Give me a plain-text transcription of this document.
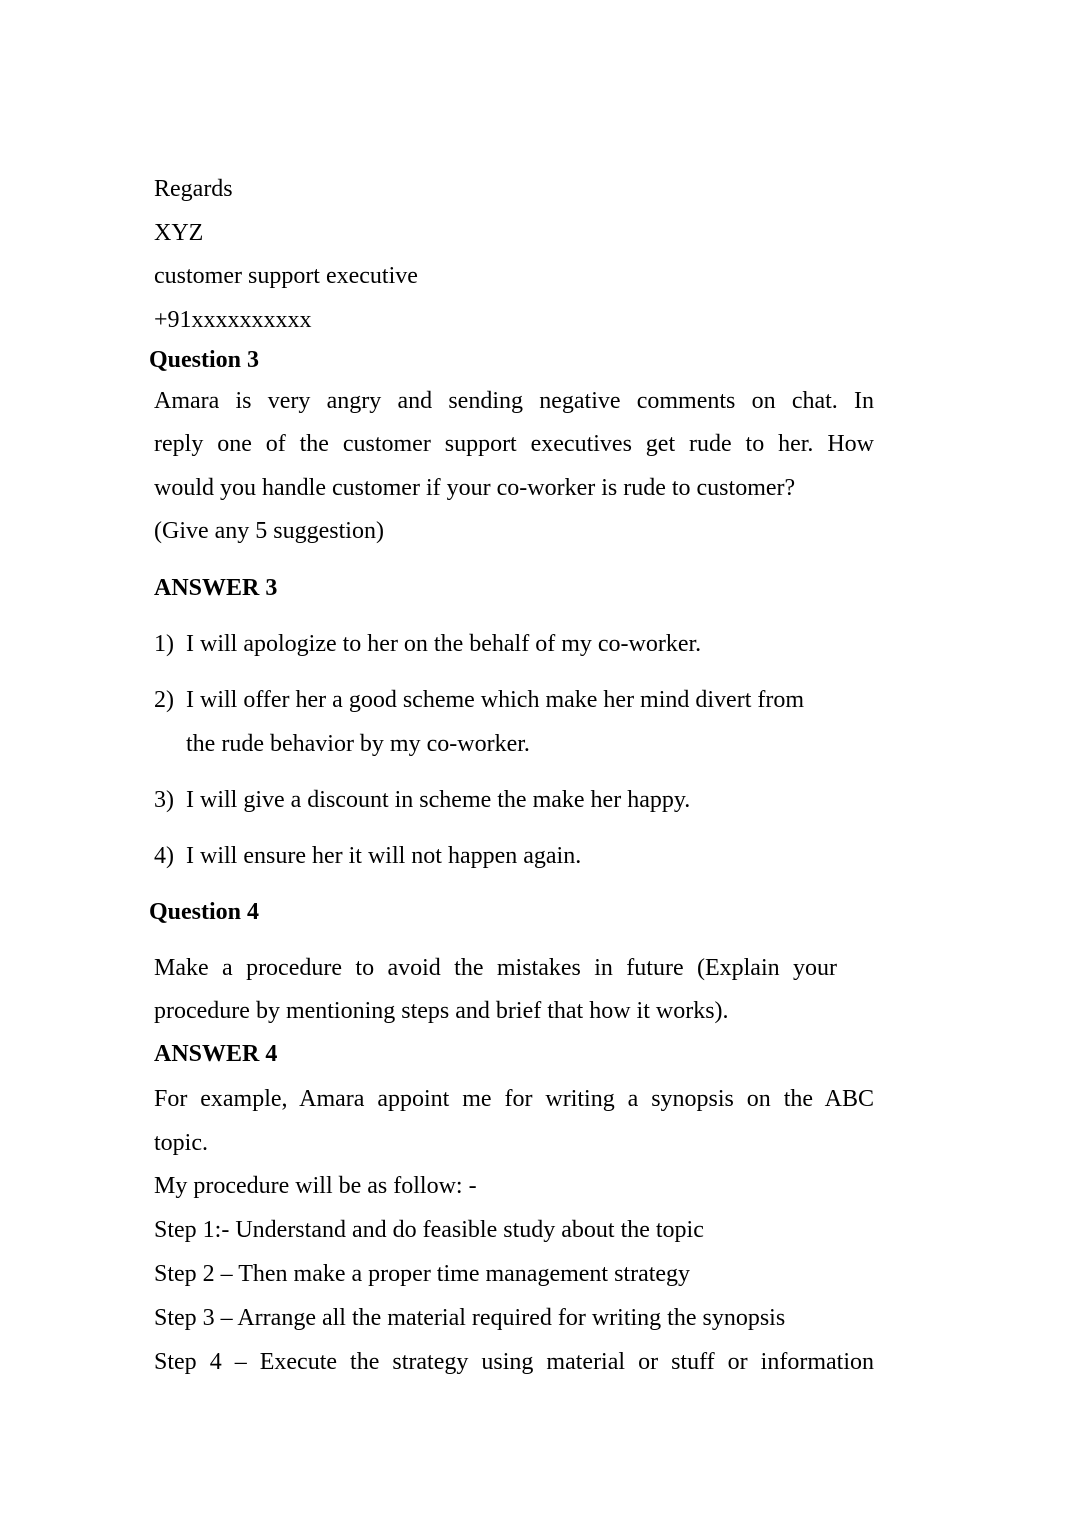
Regards
XYZ
customer support executive
+91xxxxxxxxxx
Question 3
Amara is very angry and sending negative comments on chat. In
reply one of the customer support executives get rude to her. How
would you handle customer if your co-worker is rude to customer?
(Give any 5 suggestion)
ANSWER 3
1) I will apologize to her on the behalf of my co-worker.
2) I will offer her a good scheme which make her mind divert from
the rude behavior by my co-worker.
3) I will give a discount in scheme the make her happy.
4) I will ensure her it will not happen again.
Question 4
Make a procedure to avoid the mistakes in future (Explain your
procedure by mentioning steps and brief that how it works).
ANSWER 4
For example, Amara appoint me for writing a synopsis on the ABC
topic.
My procedure will be as follow: -
Step 1:- Understand and do feasible study about the topic
Step 2 – Then make a proper time management strategy
Step 3 – Arrange all the material required for writing the synopsis
Step 4 – Execute the strategy using material or stuff or information
